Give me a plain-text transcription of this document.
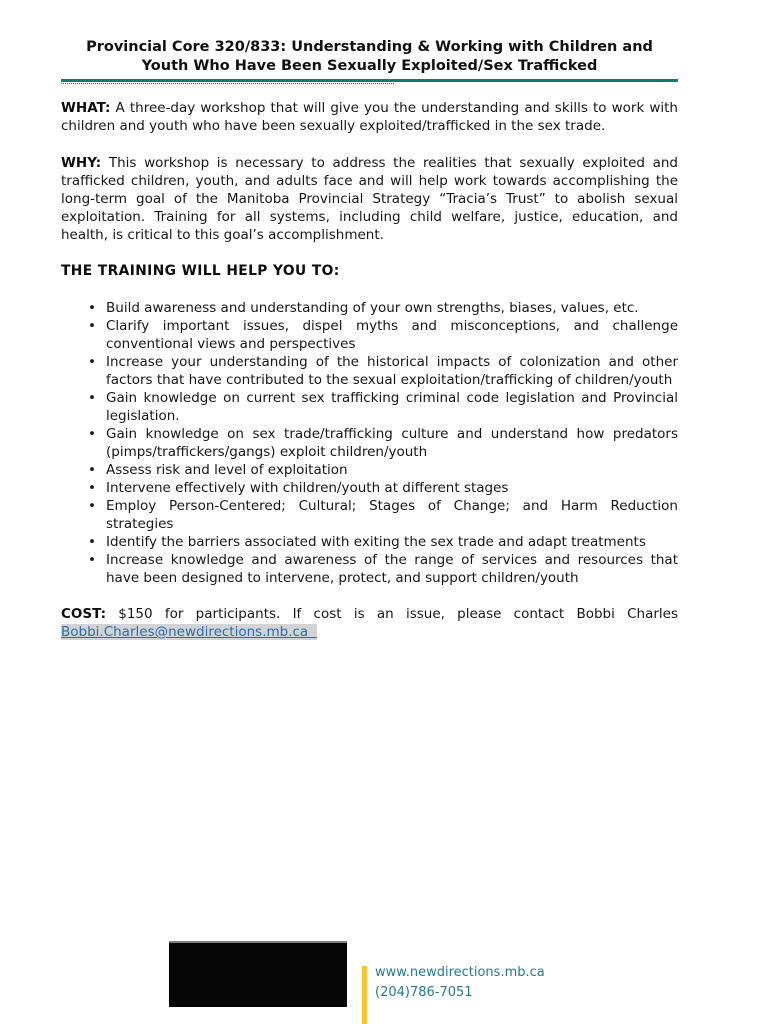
Provincial Core 320/833: Understanding & Working with Children and
Youth Who Have Been Sexually Exploited/Sex Trafficked
WHAT: A three-day workshop that will give you the understanding and skills to work with children and youth who have been sexually exploited/trafficked in the sex trade.
WHY: This workshop is necessary to address the realities that sexually exploited and trafficked children, youth, and adults face and will help work towards accomplishing the long-term goal of the Manitoba Provincial Strategy “Tracia’s Trust” to abolish sexual exploitation. Training for all systems, including child welfare, justice, education, and health, is critical to this goal’s accomplishment.
THE TRAINING WILL HELP YOU TO:
• Build awareness and understanding of your own strengths, biases, values, etc.
• Clarify important issues, dispel myths and misconceptions, and challenge conventional views and perspectives
• Increase your understanding of the historical impacts of colonization and other factors that have contributed to the sexual exploitation/trafficking of children/youth
• Gain knowledge on current sex trafficking criminal code legislation and Provincial legislation.
• Gain knowledge on sex trade/trafficking culture and understand how predators (pimps/traffickers/gangs) exploit children/youth
• Assess risk and level of exploitation
• Intervene effectively with children/youth at different stages
• Employ Person-Centered; Cultural; Stages of Change; and Harm Reduction strategies
• Identify the barriers associated with exiting the sex trade and adapt treatments
• Increase knowledge and awareness of the range of services and resources that have been designed to intervene, protect, and support children/youth
COST: $150 for participants. If cost is an issue, please contact Bobbi Charles Bobbi.Charles@newdirections.mb.ca
www.newdirections.mb.ca
(204)786-7051
